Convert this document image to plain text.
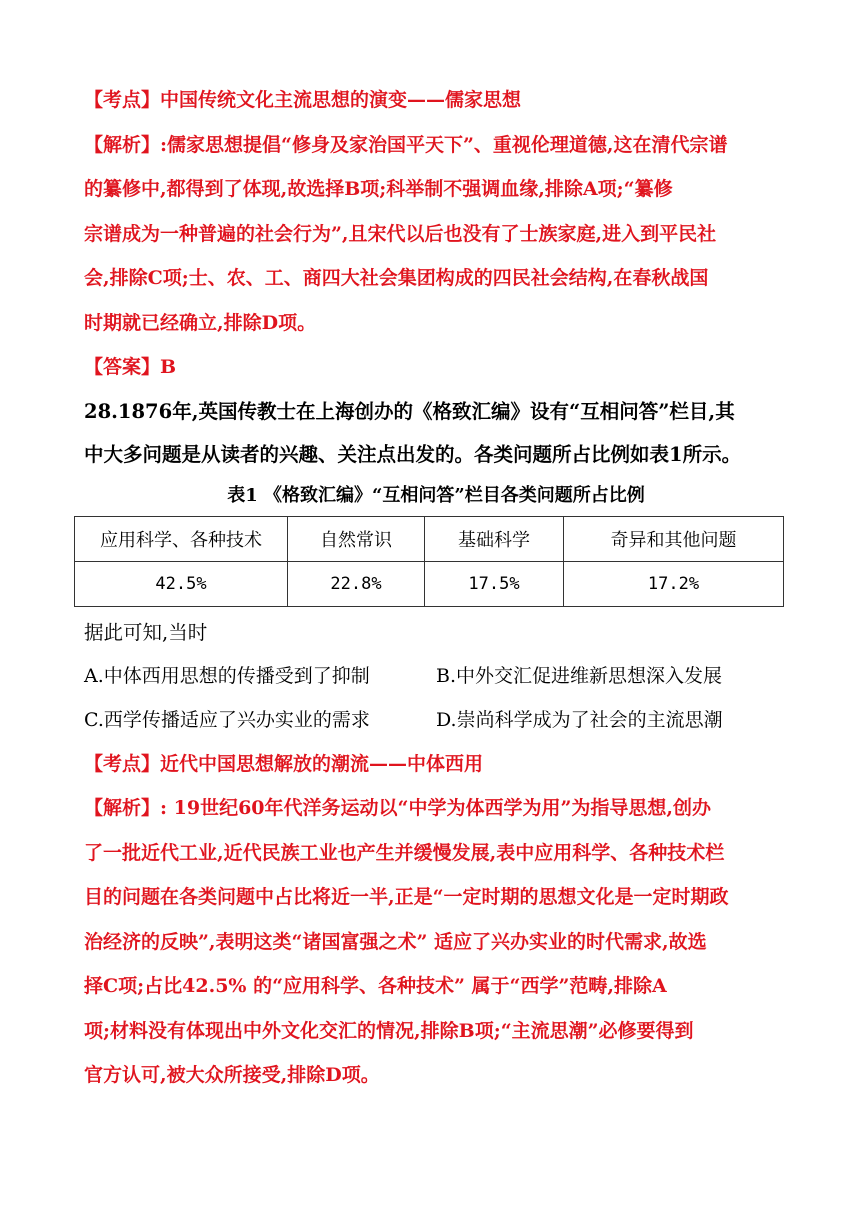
【考点】中国传统文化主流思想的演变——儒家思想

【解析】:儒家思想提倡“修身及家治国平天下”、重视伦理道德,这在清代宗谱

的纂修中,都得到了体现,故选择B项;科举制不强调血缘,排除A项;“纂修

宗谱成为一种普遍的社会行为”,且宋代以后也没有了士族家庭,进入到平民社

会,排除C项;士、农、工、商四大社会集团构成的四民社会结构,在春秋战国

时期就已经确立,排除D项。

【答案】B

28.1876年,英国传教士在上海创办的《格致汇编》设有“互相问答”栏目,其

中大多问题是从读者的兴趣、关注点出发的。各类问题所占比例如表1所示。

表1 《格致汇编》“互相问答”栏目各类问题所占比例
应用科学、各种技术	自然常识	基础科学	奇异和其他问题
42.5%	22.8%	17.5%	17.2%

据此可知,当时

A.中体西用思想的传播受到了抑制	B.中外交汇促进维新思想深入发展
C.西学传播适应了兴办实业的需求	D.崇尚科学成为了社会的主流思潮

【考点】近代中国思想解放的潮流——中体西用

【解析】: 19世纪60年代洋务运动以“中学为体西学为用”为指导思想,创办

了一批近代工业,近代民族工业也产生并缓慢发展,表中应用科学、各种技术栏

目的问题在各类问题中占比将近一半,正是“一定时期的思想文化是一定时期政

治经济的反映”,表明这类“诸国富强之术” 适应了兴办实业的时代需求,故选

择C项;占比42.5% 的“应用科学、各种技术” 属于“西学”范畴,排除A

项;材料没有体现出中外文化交汇的情况,排除B项;“主流思潮”必修要得到

官方认可,被大众所接受,排除D项。
